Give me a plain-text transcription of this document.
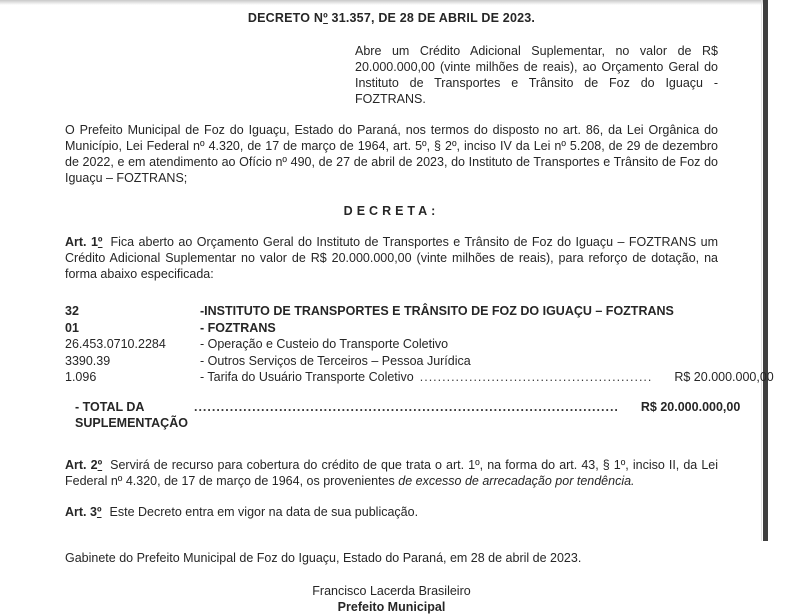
DECRETO Nº 31.357, DE 28 DE ABRIL DE 2023.

Abre um Crédito Adicional Suplementar, no valor de R$ 20.000.000,00 (vinte milhões de reais), ao Orçamento Geral do Instituto de Transportes e Trânsito de Foz do Iguaçu - FOZTRANS.

O Prefeito Municipal de Foz do Iguaçu, Estado do Paraná, nos termos do disposto no art. 86, da Lei Orgânica do Município, Lei Federal nº 4.320, de 17 de março de 1964, art. 5º, § 2º, inciso IV da Lei nº 5.208, de 29 de dezembro de 2022, e em atendimento ao Ofício nº 490, de 27 de abril de 2023, do Instituto de Transportes e Trânsito de Foz do Iguaçu – FOZTRANS;

DECRETA:

Art. 1º Fica aberto ao Orçamento Geral do Instituto de Transportes e Trânsito de Foz do Iguaçu – FOZTRANS um Crédito Adicional Suplementar no valor de R$ 20.000.000,00 (vinte milhões de reais), para reforço de dotação, na forma abaixo especificada:

32	-INSTITUTO DE TRANSPORTES E TRÂNSITO DE FOZ DO IGUAÇU – FOZTRANS
01	- FOZTRANS
26.453.0710.2284	- Operação e Custeio do Transporte Coletivo
3390.39	- Outros Serviços de Terceiros – Pessoa Jurídica
1.096	- Tarifa do Usuário Transporte Coletivo .................................................... R$ 20.000.000,00
- TOTAL DA SUPLEMENTAÇÃO
............................................................................................... R$ 20.000.000,00

Art. 2º Servirá de recurso para cobertura do crédito de que trata o art. 1º, na forma do art. 43, § 1º, inciso II, da Lei Federal nº 4.320, de 17 de março de 1964, os provenientes de excesso de arrecadação por tendência.

Art. 3º Este Decreto entra em vigor na data de sua publicação.

Gabinete do Prefeito Municipal de Foz do Iguaçu, Estado do Paraná, em 28 de abril de 2023.

Francisco Lacerda Brasileiro
Prefeito Municipal
